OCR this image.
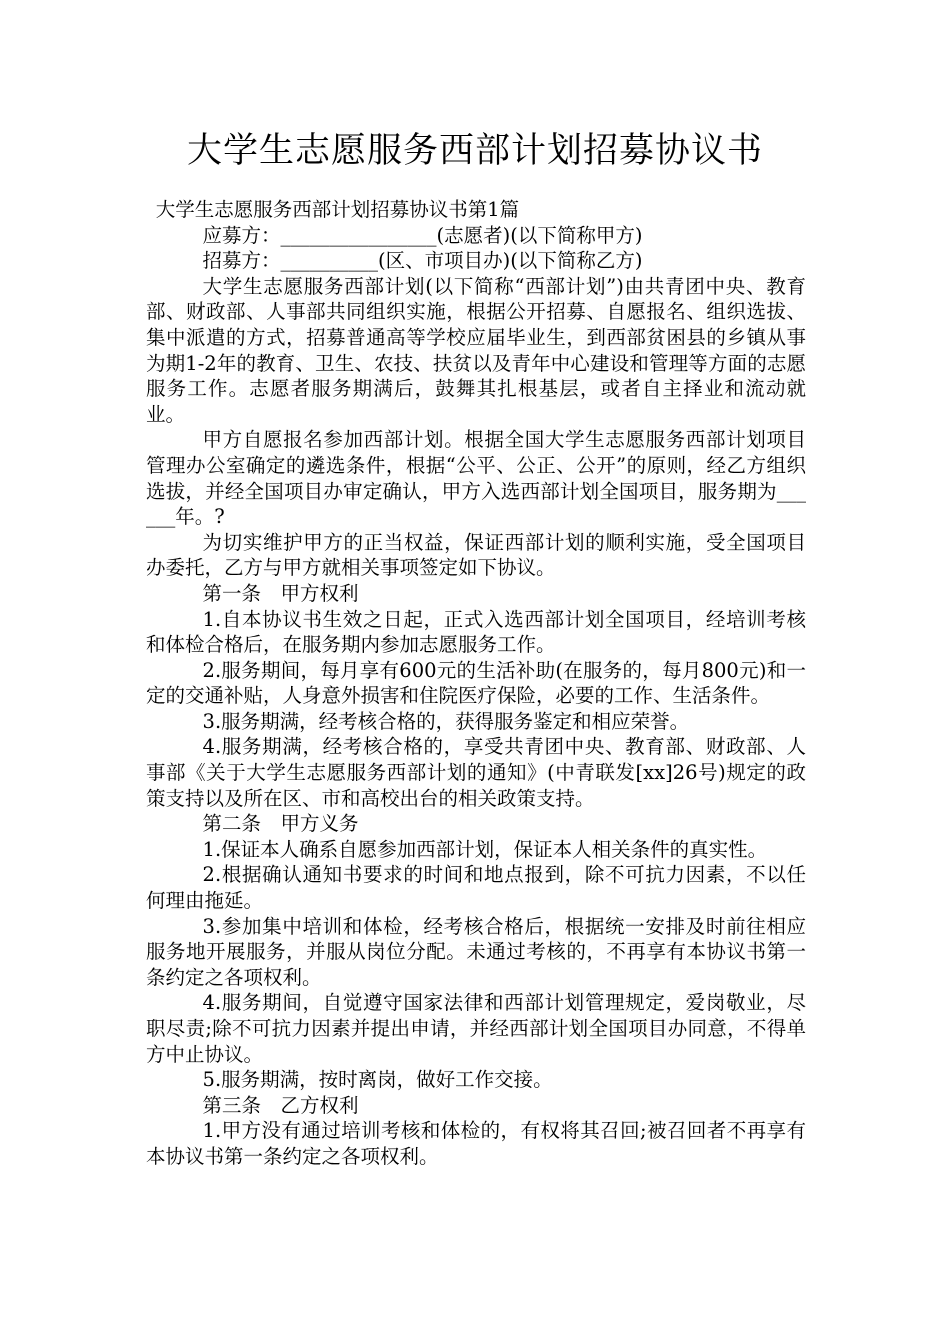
大学生志愿服务西部计划招募协议书

大学生志愿服务西部计划招募协议书第1篇

应募方：________________(志愿者)(以下简称甲方)

招募方：__________(区、市项目办)(以下简称乙方)

大学生志愿服务西部计划(以下简称“西部计划”)由共青团中央、教育部、财政部、人事部共同组织实施，根据公开招募、自愿报名、组织选拔、集中派遣的方式，招募普通高等学校应届毕业生，到西部贫困县的乡镇从事为期1-2年的教育、卫生、农技、扶贫以及青年中心建设和管理等方面的志愿服务工作。志愿者服务期满后，鼓舞其扎根基层，或者自主择业和流动就业。

甲方自愿报名参加西部计划。根据全国大学生志愿服务西部计划项目管理办公室确定的遴选条件，根据“公平、公正、公开”的原则，经乙方组织选拔，并经全国项目办审定确认，甲方入选西部计划全国项目，服务期为______年。?

为切实维护甲方的正当权益，保证西部计划的顺利实施，受全国项目办委托，乙方与甲方就相关事项签定如下协议。

第一条　甲方权利

1.自本协议书生效之日起，正式入选西部计划全国项目，经培训考核和体检合格后，在服务期内参加志愿服务工作。

2.服务期间，每月享有600元的生活补助(在服务的，每月800元)和一定的交通补贴，人身意外损害和住院医疗保险，必要的工作、生活条件。

3.服务期满，经考核合格的，获得服务鉴定和相应荣誉。

4.服务期满，经考核合格的，享受共青团中央、教育部、财政部、人事部《关于大学生志愿服务西部计划的通知》(中青联发[xx]26号)规定的政策支持以及所在区、市和高校出台的相关政策支持。

第二条　甲方义务

1.保证本人确系自愿参加西部计划，保证本人相关条件的真实性。

2.根据确认通知书要求的时间和地点报到，除不可抗力因素，不以任何理由拖延。

3.参加集中培训和体检，经考核合格后，根据统一安排及时前往相应服务地开展服务，并服从岗位分配。未通过考核的，不再享有本协议书第一条约定之各项权利。

4.服务期间，自觉遵守国家法律和西部计划管理规定，爱岗敬业，尽职尽责;除不可抗力因素并提出申请，并经西部计划全国项目办同意，不得单方中止协议。

5.服务期满，按时离岗，做好工作交接。

第三条　乙方权利

1.甲方没有通过培训考核和体检的，有权将其召回;被召回者不再享有本协议书第一条约定之各项权利。
